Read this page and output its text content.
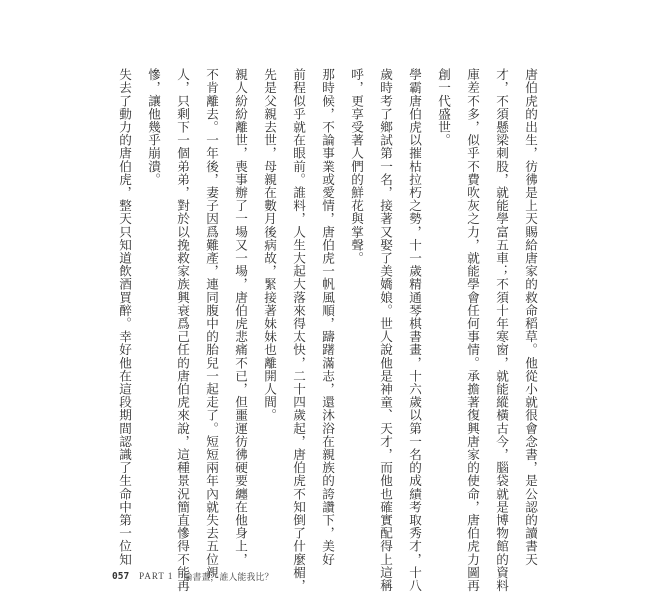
唐伯虎的出生，彷彿是上天賜給唐家的救命稻草。他從小就很會念書，是公認的讀書天
才，不須懸梁刺股，就能學富五車；不須十年寒窗，就能縱橫古今，腦袋就是博物館的資料
庫差不多，似乎不費吹灰之力，就能學會任何事情。承擔著復興唐家的使命，唐伯虎力圖再
創一代盛世。
學霸唐伯虎以摧枯拉朽之勢，十一歲精通琴棋書畫，十六歲以第一名的成績考取秀才，十八
歲時考了鄉試第一名，接著又娶了美嬌娘。世人說他是神童、天才，而他也確實配得上這稱
呼，更享受著人們的鮮花與掌聲。
那時候，不論事業或愛情，唐伯虎一帆風順，躊躇滿志，還沐浴在親族的誇讚下，美好
前程似乎就在眼前。誰料，人生大起大落來得太快，二十四歲起，唐伯虎不知倒了什麼楣，
先是父親去世，母親在數月後病故，緊接著妹妹也離開人間。
親人紛紛離世，喪事辦了一場又一場，唐伯虎悲痛不已，但噩運彷彿硬要纏在他身上，
不肯離去。一年後，妻子因爲難產，連同腹中的胎兒一起走了。短短兩年內就失去五位親
人，只剩下一個弟弟，對於以挽救家族興衰爲己任的唐伯虎來說，這種景況簡直慘得不能再
慘，讓他幾乎崩潰。
失去了動力的唐伯虎，整天只知道飲酒買醉。幸好他在這段期間認識了生命中第一位知
057 PART 1 論書畫，誰人能我比？
